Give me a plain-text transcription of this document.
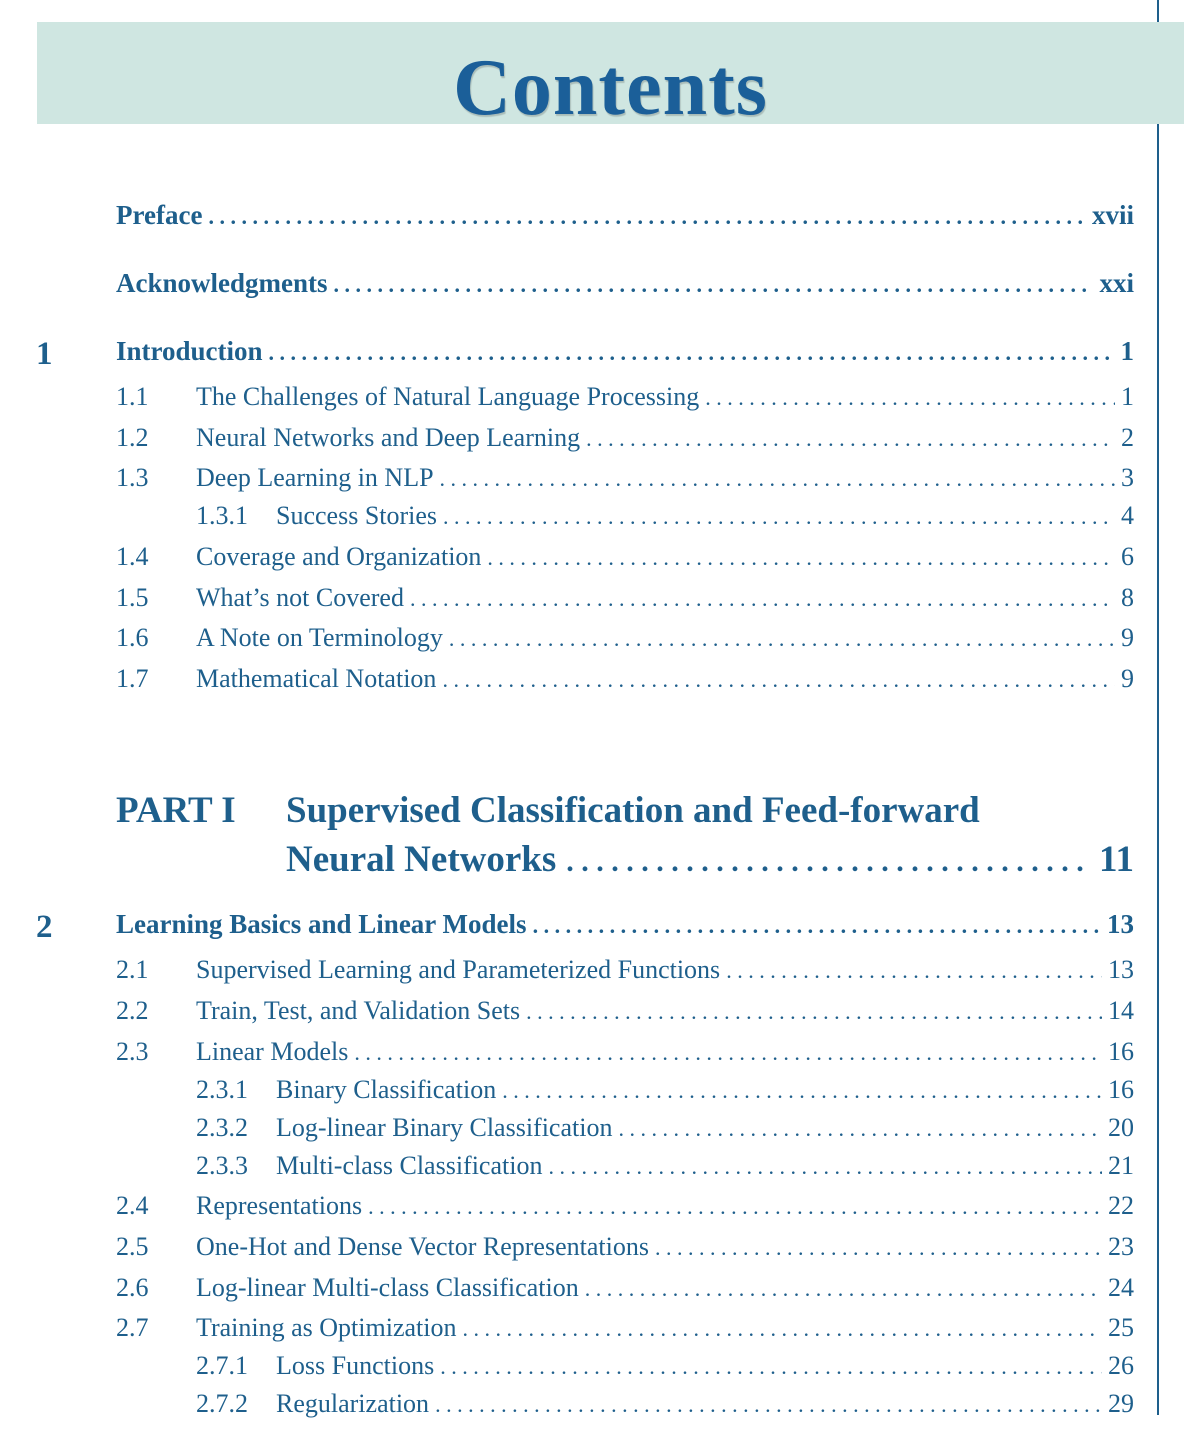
Contents
Preface . . .	xvii
Acknowledgments . . .	xxi
1 Introduction . . .	1
1.1 The Challenges of Natural Language Processing . . .	1
1.2 Neural Networks and Deep Learning . . .	2
1.3 Deep Learning in NLP . . .	3
1.3.1 Success Stories . . .	4
1.4 Coverage and Organization . . .	6
1.5 What’s not Covered . . .	8
1.6 A Note on Terminology . . .	9
1.7 Mathematical Notation . . .	9
PART I Supervised Classification and Feed-forward
Neural Networks . . .	11
2 Learning Basics and Linear Models . . .	13
2.1 Supervised Learning and Parameterized Functions . . .	13
2.2 Train, Test, and Validation Sets . . .	14
2.3 Linear Models . . .	16
2.3.1 Binary Classification . . .	16
2.3.2 Log-linear Binary Classification . . .	20
2.3.3 Multi-class Classification . . .	21
2.4 Representations . . .	22
2.5 One-Hot and Dense Vector Representations . . .	23
2.6 Log-linear Multi-class Classification . . .	24
2.7 Training as Optimization . . .	25
2.7.1 Loss Functions . . .	26
2.7.2 Regularization . . .	29
